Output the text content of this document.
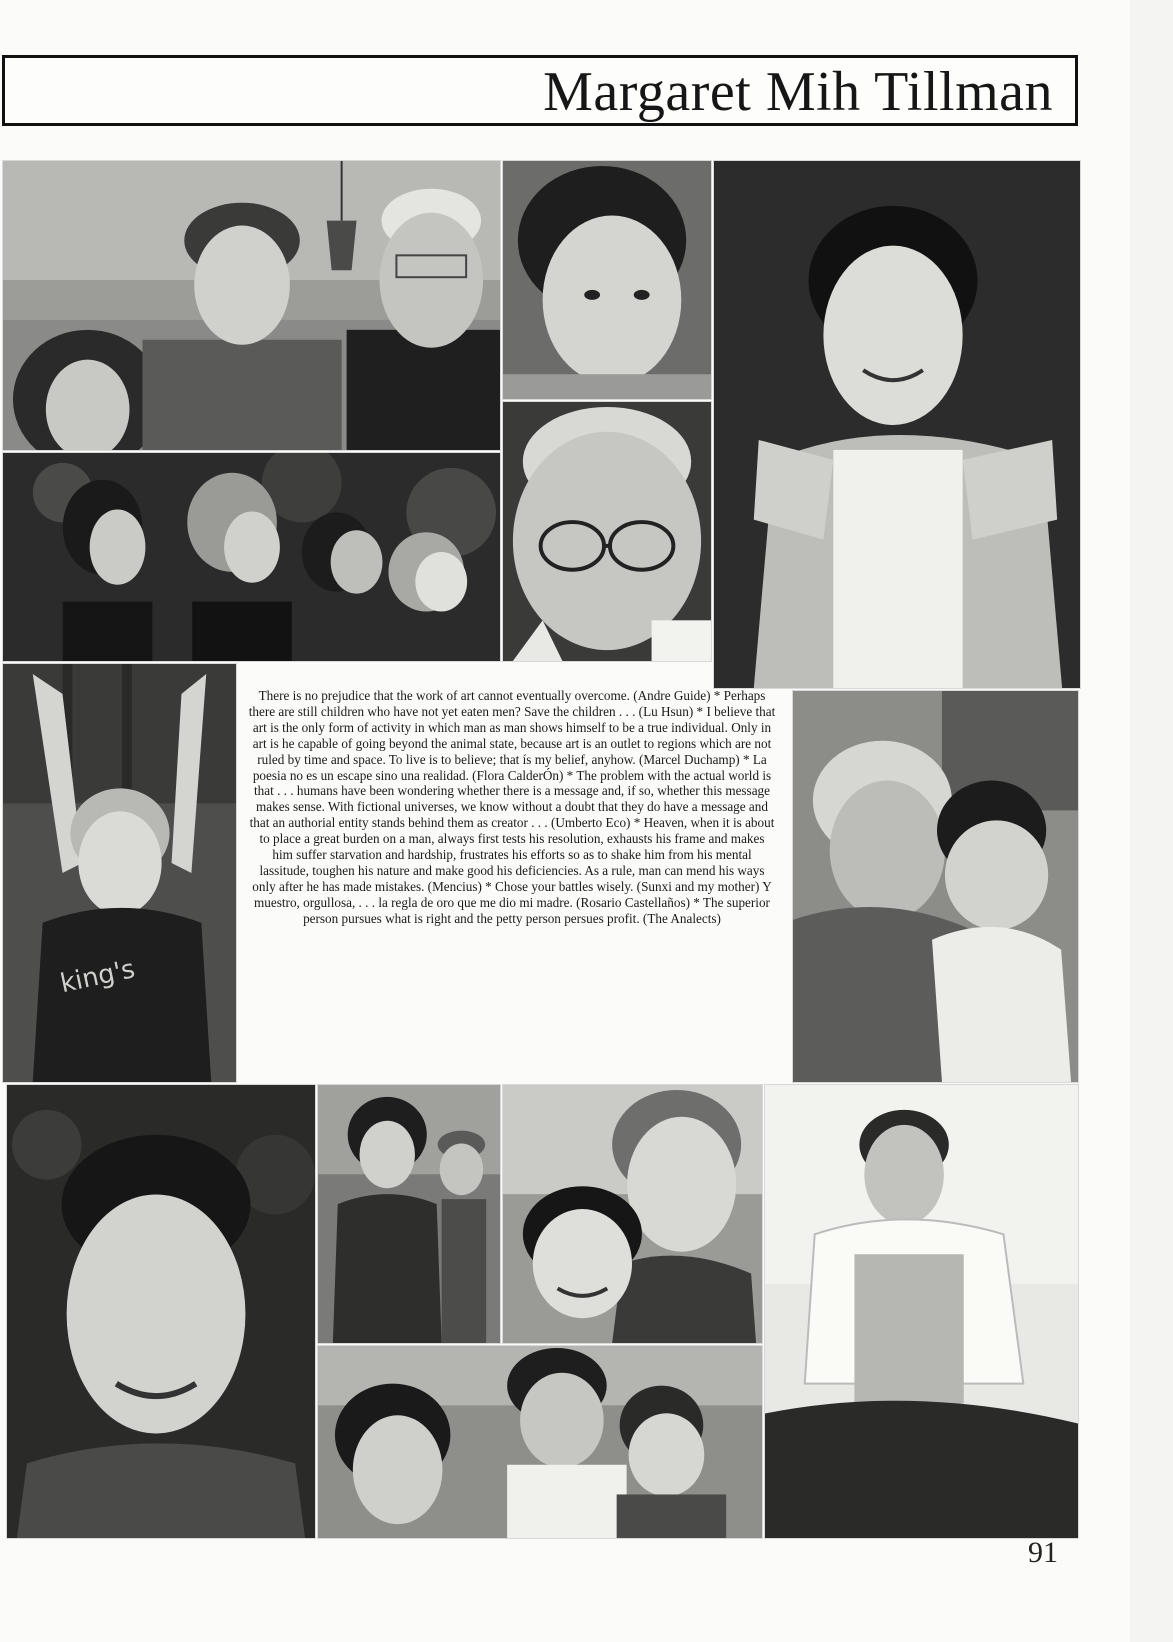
Margaret Mih Tillman
king's
There is no prejudice that the work of art cannot eventually overcome. (Andre Guide) * Perhaps there are still children who have not yet eaten men? Save the children . . . (Lu Hsun) * I believe that art is the only form of activity in which man as man shows himself to be a true individual. Only in art is he capable of going beyond the animal state, because art is an outlet to regions which are not ruled by time and space. To live is to believe; that ís my belief, anyhow. (Marcel Duchamp) * La poesia no es un escape sino una realidad. (Flora CalderÓn) * The problem with the actual world is that . . . humans have been wondering whether there is a message and, if so, whether this message makes sense. With fictional universes, we know without a doubt that they do have a message and that an authorial entity stands behind them as creator . . . (Umberto Eco) * Heaven, when it is about to place a great burden on a man, always first tests his resolution, exhausts his frame and makes him suffer starvation and hardship, frustrates his efforts so as to shake him from his mental lassitude, toughen his nature and make good his deficiencies. As a rule, man can mend his ways only after he has made mistakes. (Mencius) * Chose your battles wisely. (Sunxi and my mother) Y muestro, orgullosa, . . . la regla de oro que me dio mi madre. (Rosario Castellaños) * The superior person pursues what is right and the petty person persues profit. (The Analects)
91
